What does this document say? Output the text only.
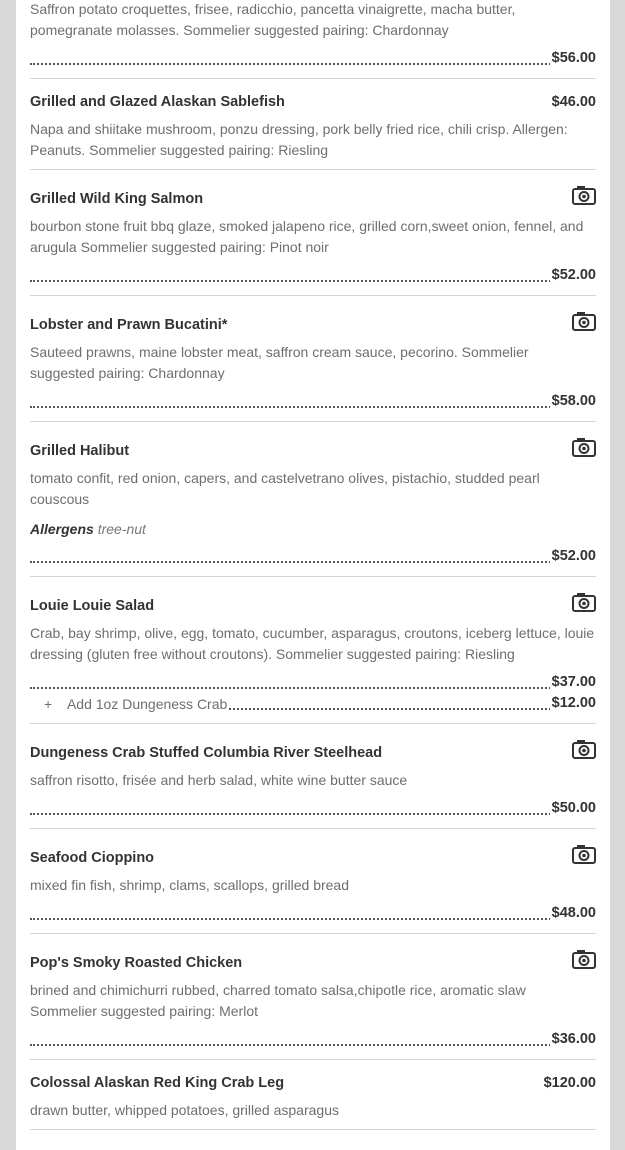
Saffron potato croquettes, frisee, radicchio, pancetta vinaigrette, macha butter, pomegranate molasses. Sommelier suggested pairing: Chardonnay
$56.00
Grilled and Glazed Alaskan Sablefish	$46.00
Napa and shiitake mushroom, ponzu dressing, pork belly fried rice, chili crisp. Allergen: Peanuts. Sommelier suggested pairing: Riesling
Grilled Wild King Salmon
bourbon stone fruit bbq glaze, smoked jalapeno rice, grilled corn,sweet onion, fennel, and arugula Sommelier suggested pairing: Pinot noir
$52.00
Lobster and Prawn Bucatini*
Sauteed prawns, maine lobster meat, saffron cream sauce, pecorino. Sommelier suggested pairing: Chardonnay
$58.00
Grilled Halibut
tomato confit, red onion, capers, and castelvetrano olives, pistachio, studded pearl couscous
Allergens tree-nut
$52.00
Louie Louie Salad
Crab, bay shrimp, olive, egg, tomato, cucumber, asparagus, croutons, iceberg lettuce, louie dressing (gluten free without croutons). Sommelier suggested pairing: Riesling
$37.00
+    Add 1oz Dungeness Crab	$12.00
Dungeness Crab Stuffed Columbia River Steelhead
saffron risotto, frisée and herb salad, white wine butter sauce
$50.00
Seafood Cioppino
mixed fin fish, shrimp, clams, scallops, grilled bread
$48.00
Pop's Smoky Roasted Chicken
brined and chimichurri rubbed, charred tomato salsa,chipotle rice, aromatic slaw Sommelier suggested pairing: Merlot
$36.00
Colossal Alaskan Red King Crab Leg	$120.00
drawn butter, whipped potatoes, grilled asparagus
